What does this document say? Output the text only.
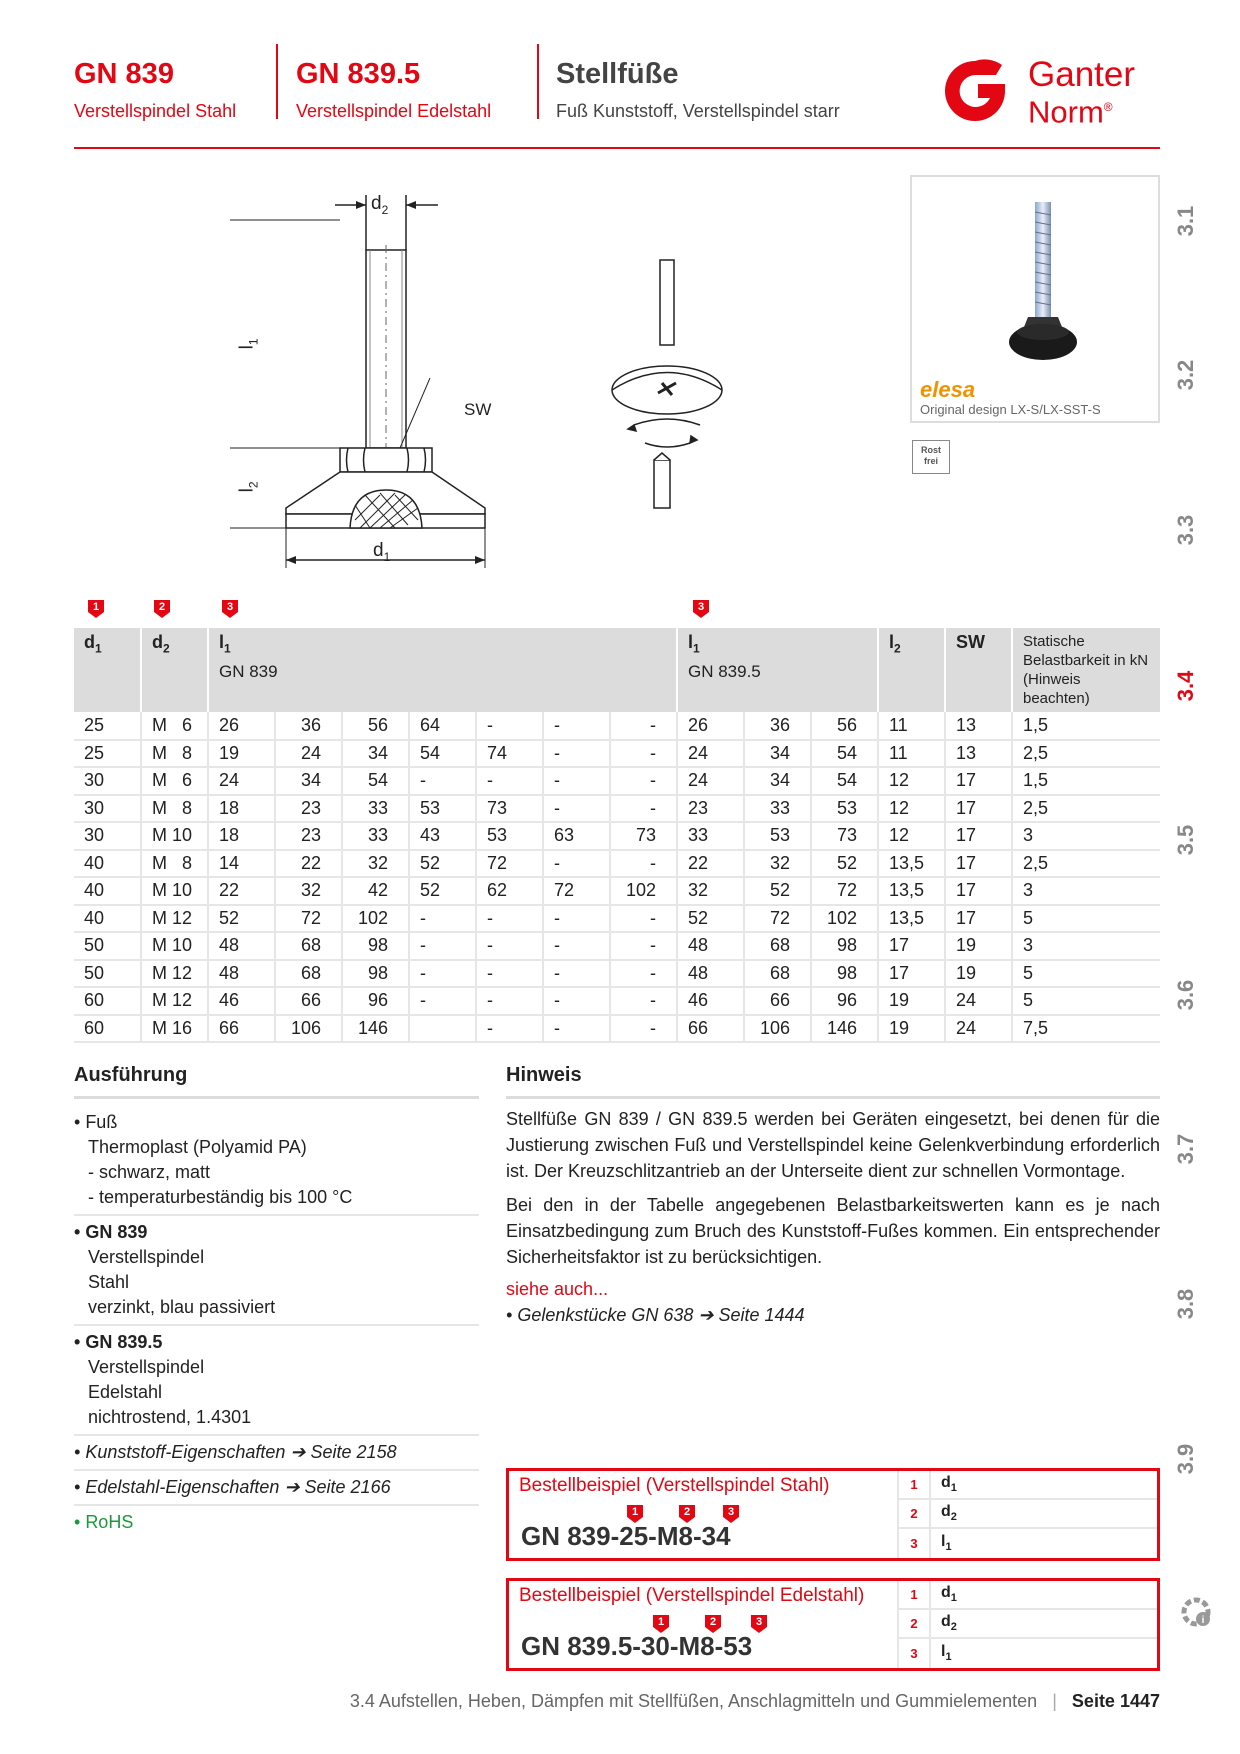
GN 839
Verstellspindel Stahl
GN 839.5
Verstellspindel Edelstahl
Stellfüße
Fuß Kunststoff, Verstellspindel starr
Ganter
Norm®
$d_2$
$l_1$
$l_2$
SW
$d_1$
elesa
Original design LX-S/LX-SST-S
Rost frei
3.1
3.2
3.3
3.4
3.5
3.6
3.7
3.8
3.9
i
1	2	3	3
$d_1$	$d_2$	$l_1$
GN 839							$l_1$
GN 839.5			$l_2$	SW	Statische
Belastbarkeit in kN
(Hinweis beachten)
25	M   6	26	36	56	64	-	-	-	26	36	56	11	13	1,5
25	M   8	19	24	34	54	74	-	-	24	34	54	11	13	2,5
30	M   6	24	34	54	-	-	-	-	24	34	54	12	17	1,5
30	M   8	18	23	33	53	73	-	-	23	33	53	12	17	2,5
30	M 10	18	23	33	43	53	63	73	33	53	73	12	17	3
40	M   8	14	22	32	52	72	-	-	22	32	52	13,5	17	2,5
40	M 10	22	32	42	52	62	72	102	32	52	72	13,5	17	3
40	M 12	52	72	102	-	-	-	-	52	72	102	13,5	17	5
50	M 10	48	68	98	-	-	-	-	48	68	98	17	19	3
50	M 12	48	68	98	-	-	-	-	48	68	98	17	19	5
60	M 12	46	66	96	-	-	-	-	46	66	96	19	24	5
60	M 16	66	106	146		-	-	-	66	106	146	19	24	7,5
Ausführung
• Fuß
Thermoplast (Polyamid PA)
- schwarz, matt
- temperaturbeständig bis 100 °C
• GN 839
Verstellspindel
Stahl
verzinkt, blau passiviert
• GN 839.5
Verstellspindel
Edelstahl
nichtrostend, 1.4301
• Kunststoff-Eigenschaften ➔ Seite 2158
• Edelstahl-Eigenschaften ➔ Seite 2166
• RoHS
Hinweis

Stellfüße GN 839 / GN 839.5 werden bei Geräten eingesetzt, bei denen für die Justierung zwischen Fuß und Verstellspindel keine Gelenkverbindung erforderlich ist. Der Kreuzschlitzantrieb an der Unterseite dient zur schnellen Vormontage.

Bei den in der Tabelle angegebenen Belastbarkeitswerten kann es je nach Einsatzbedingung zum Bruch des Kunststoff-Fußes kommen. Ein entsprechender Sicherheitsfaktor ist zu berücksichtigen.

siehe auch...

• Gelenkstücke GN 638 ➔ Seite 1444

Bestellbeispiel (Verstellspindel Stahl)
1	2	3
GN 839-25-M8-34
1	$d_1$
2	$d_2$
3	$l_1$
Bestellbeispiel (Verstellspindel Edelstahl)
1	2	3
GN 839.5-30-M8-53
1	$d_1$
2	$d_2$
3	$l_1$
3.4 Aufstellen, Heben, Dämpfen mit Stellfüßen, Anschlagmitteln und Gummielementen | Seite 1447
